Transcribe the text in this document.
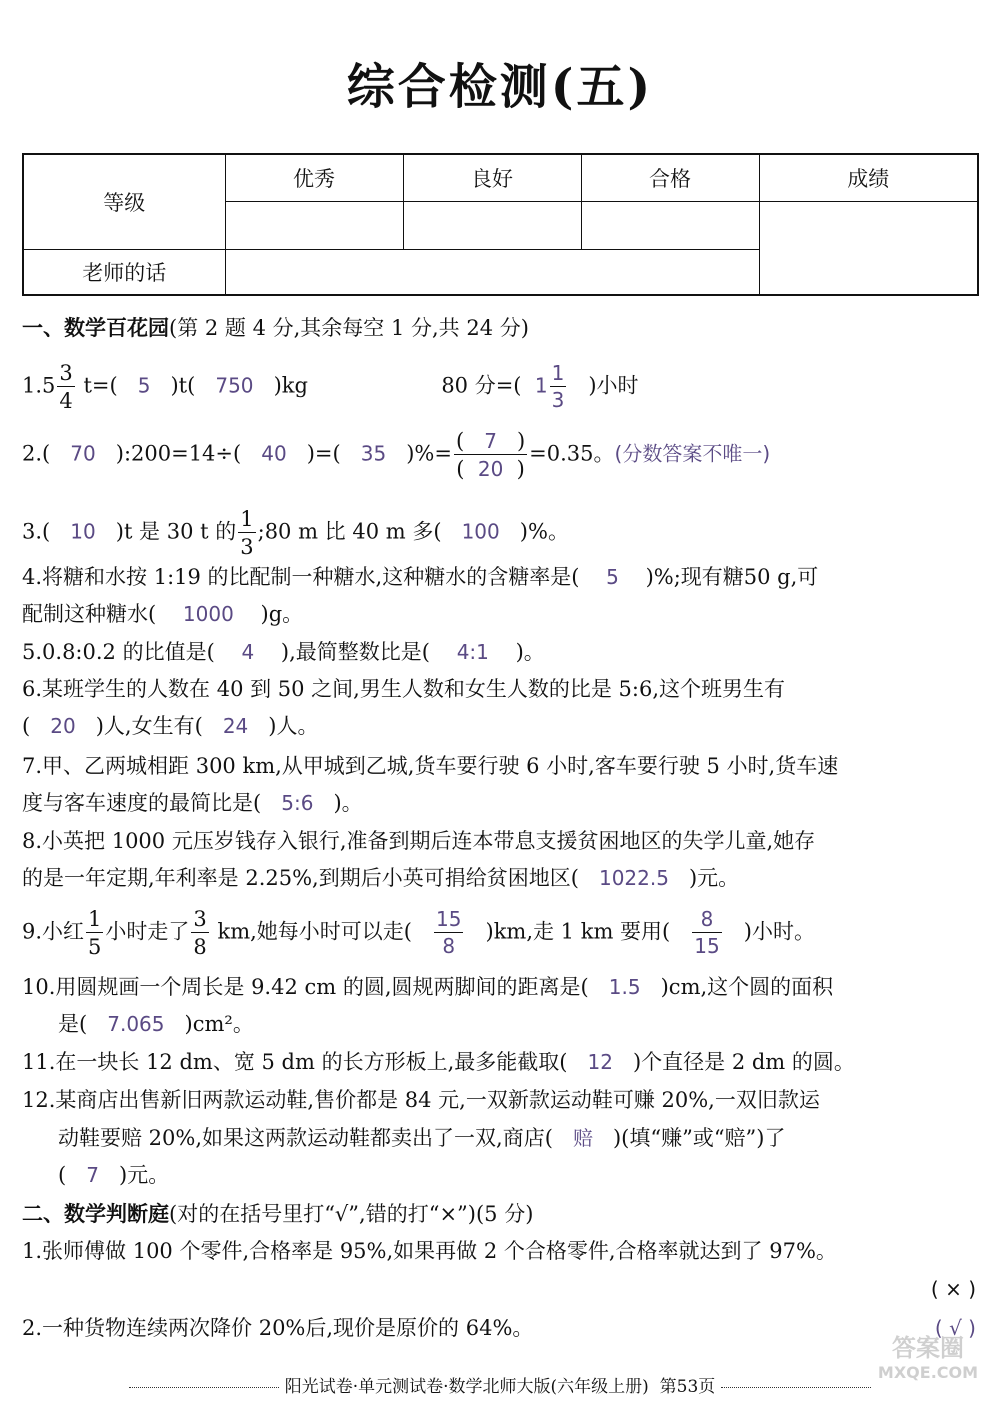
综合检测(五)
等级	优秀	良好	合格	成绩

老师的话				
一、数学百花园(第 2 题 4 分,其余每空 1 分,共 24 分)
$1.5 \frac{3}{4} t=$( 5 )t( 750 )kg	80 分=( $1 \frac{1}{3}$ )小时
2.( 70 ):200=14÷( 40 )=( 35 )%= $\frac{( 7 )}{( 20 )} =0.35$。(分数答案不唯一)
3.( 10 )t 是 30 t 的 $\frac{1}{3}$ ;80 m 比 40 m 多( 100 )%。
4.将糖和水按 1:19 的比配制一种糖水,这种糖水的含糖率是( 5 )%;现有糖50 g,可
配制这种糖水( 1000 )g。
5.0.8:0.2 的比值是( 4 ),最简整数比是( 4:1 )。
6.某班学生的人数在 40 到 50 之间,男生人数和女生人数的比是 5:6,这个班男生有
( 20 )人,女生有( 24 )人。
7.甲、乙两城相距 300 km,从甲城到乙城,货车要行驶 6 小时,客车要行驶 5 小时,货车速
度与客车速度的最简比是( 5:6 )。
8.小英把 1000 元压岁钱存入银行,准备到期后连本带息支援贫困地区的失学儿童,她存
的是一年定期,年利率是 2.25%,到期后小英可捐给贫困地区( 1022.5 )元。
9.小红 $\frac{1}{5}$ 小时走了 $\frac{3}{8}$ km,她每小时可以走( $\frac{15}{8} )km$,走 1 km 要用( $\frac{8}{15}$ )小时。
10.用圆规画一个周长是 9.42 cm 的圆,圆规两脚间的距离是( 1.5 )cm,这个圆的面积
是( 7.065 )cm²。
11.在一块长 12 dm、宽 5 dm 的长方形板上,最多能截取( 12 )个直径是 2 dm 的圆。
12.某商店出售新旧两款运动鞋,售价都是 84 元,一双新款运动鞋可赚 20%,一双旧款运
动鞋要赔 20%,如果这两款运动鞋都卖出了一双,商店( 赔 )(填“赚”或“赔”)了
( 7 )元。
二、数学判断庭(对的在括号里打“√”,错的打“×”)(5 分)
1.张师傅做 100 个零件,合格率是 95%,如果再做 2 个合格零件,合格率就达到了 97%。
( × )
2.一种货物连续两次降价 20%后,现价是原价的 64%。	( √ )
阳光试卷·单元测试卷·数学北师大版(六年级上册) 第53页
答案圈
MXQE.COM
